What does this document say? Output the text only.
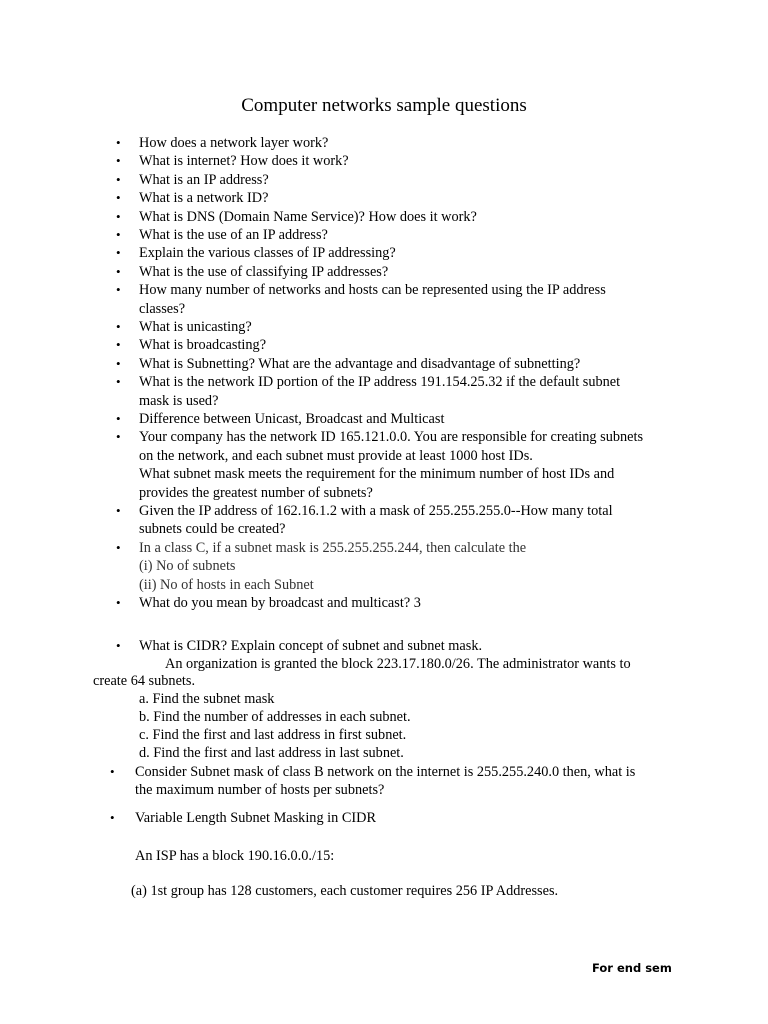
Computer networks sample questions
• How does a network layer work?
• What is internet? How does it work?
• What is an IP address?
• What is a network ID?
• What is DNS (Domain Name Service)? How does it work?
• What is the use of an IP address?
• Explain the various classes of IP addressing?
• What is the use of classifying IP addresses?
• How many number of networks and hosts can be represented using the IP address
classes?
• What is unicasting?
• What is broadcasting?
• What is Subnetting? What are the advantage and disadvantage of subnetting?
• What is the network ID portion of the IP address 191.154.25.32 if the default subnet
mask is used?
• Difference between Unicast, Broadcast and Multicast
• Your company has the network ID 165.121.0.0. You are responsible for creating subnets
on the network, and each subnet must provide at least 1000 host IDs.
What subnet mask meets the requirement for the minimum number of host IDs and
provides the greatest number of subnets?
• Given the IP address of 162.16.1.2 with a mask of 255.255.255.0--How many total
subnets could be created?
• In a class C, if a subnet mask is 255.255.255.244, then calculate the
(i) No of subnets
(ii) No of hosts in each Subnet
• What do you mean by broadcast and multicast? 3
• What is CIDR? Explain concept of subnet and subnet mask.
An organization is granted the block 223.17.180.0/26. The administrator wants to
create 64 subnets.
a. Find the subnet mask
b. Find the number of addresses in each subnet.
c. Find the first and last address in first subnet.
d. Find the first and last address in last subnet.
• Consider Subnet mask of class B network on the internet is 255.255.240.0 then, what is
the maximum number of hosts per subnets?
• Variable Length Subnet Masking in CIDR
An ISP has a block 190.16.0.0./15:
(a) 1st group has 128 customers, each customer requires 256 IP Addresses.
For end sem
